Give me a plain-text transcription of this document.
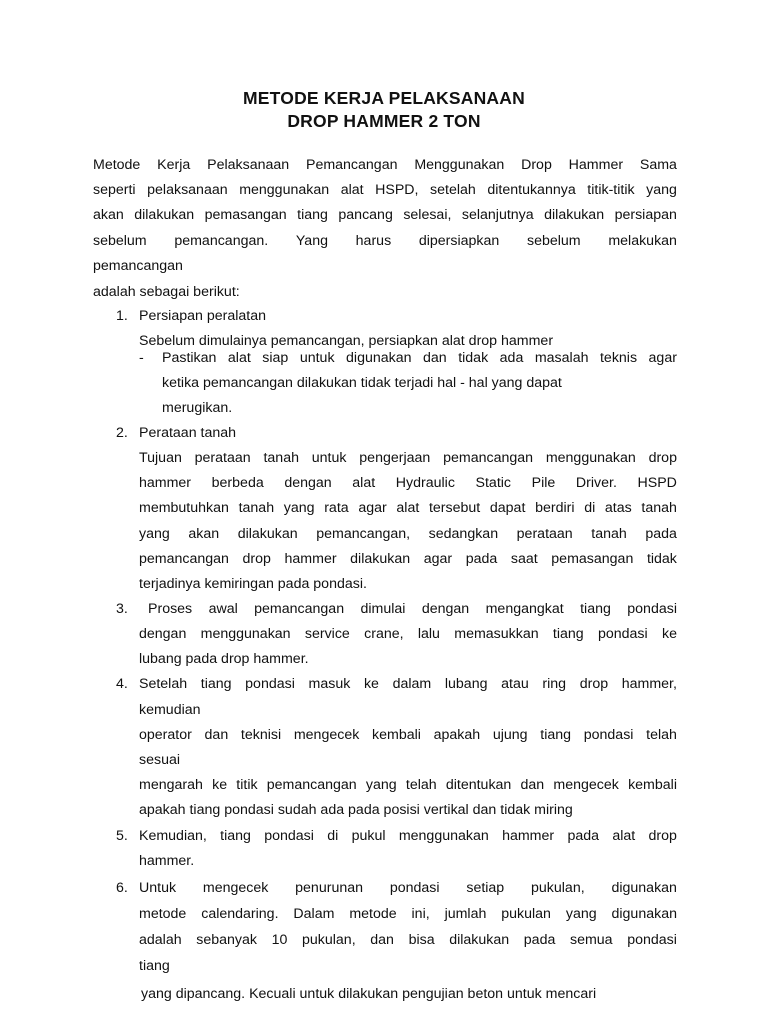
METODE KERJA PELAKSANAAN
DROP HAMMER 2 TON
Metode Kerja Pelaksanaan Pemancangan Menggunakan Drop Hammer Sama
seperti pelaksanaan menggunakan alat HSPD, setelah ditentukannya titik-titik yang
akan dilakukan pemasangan tiang pancang selesai, selanjutnya dilakukan persiapan
sebelum pemancangan. Yang harus dipersiapkan sebelum melakukan
pemancangan
adalah sebagai berikut:
1. Persiapan peralatan
Sebelum dimulainya pemancangan, persiapkan alat drop hammer
- Pastikan alat siap untuk digunakan dan tidak ada masalah teknis agar
ketika pemancangan dilakukan tidak terjadi hal - hal yang dapat
merugikan.
2. Perataan tanah
Tujuan perataan tanah untuk pengerjaan pemancangan menggunakan drop
hammer berbeda dengan alat Hydraulic Static Pile Driver. HSPD
membutuhkan tanah yang rata agar alat tersebut dapat berdiri di atas tanah
yang akan dilakukan pemancangan, sedangkan perataan tanah pada
pemancangan drop hammer dilakukan agar pada saat pemasangan tidak
terjadinya kemiringan pada pondasi.
3. Proses awal pemancangan dimulai dengan mengangkat tiang pondasi
dengan menggunakan service crane, lalu memasukkan tiang pondasi ke
lubang pada drop hammer.
4. Setelah tiang pondasi masuk ke dalam lubang atau ring drop hammer,
kemudian
operator dan teknisi mengecek kembali apakah ujung tiang pondasi telah
sesuai
mengarah ke titik pemancangan yang telah ditentukan dan mengecek kembali
apakah tiang pondasi sudah ada pada posisi vertikal dan tidak miring
5. Kemudian, tiang pondasi di pukul menggunakan hammer pada alat drop
hammer.
6. Untuk mengecek penurunan pondasi setiap pukulan, digunakan
metode calendaring. Dalam metode ini, jumlah pukulan yang digunakan
adalah sebanyak 10 pukulan, dan bisa dilakukan pada semua pondasi
tiang
yang dipancang. Kecuali untuk dilakukan pengujian beton untuk mencari
